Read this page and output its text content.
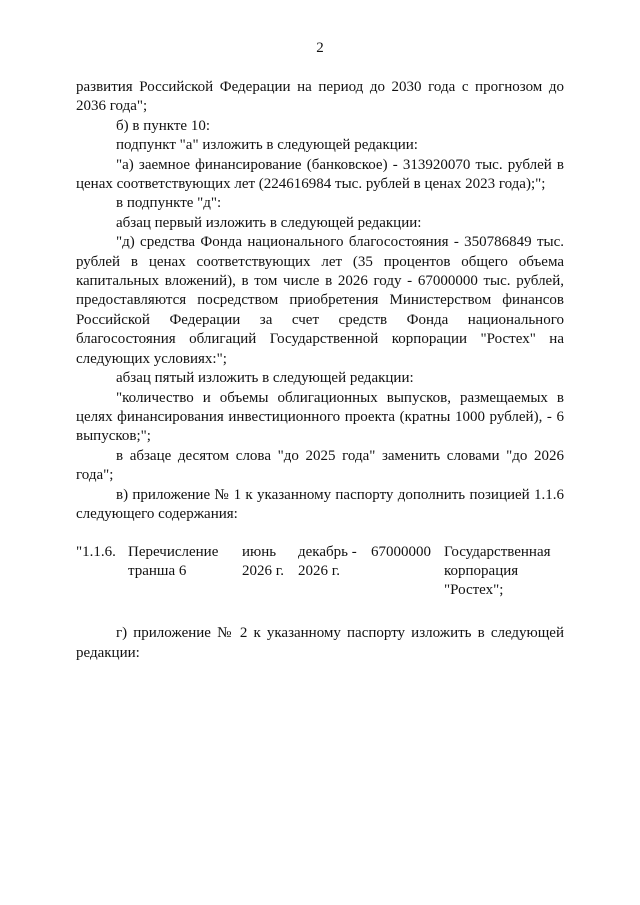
2

развития Российской Федерации на период до 2030 года с прогнозом до 2036 года";

б) в пункте 10:

подпункт "а" изложить в следующей редакции:

"а) заемное финансирование (банковское) - 313920070 тыс. рублей в ценах соответствующих лет (224616984 тыс. рублей в ценах 2023 года);";

в подпункте "д":

абзац первый изложить в следующей редакции:

"д) средства Фонда национального благосостояния - 350786849 тыс. рублей в ценах соответствующих лет (35 процентов общего объема капитальных вложений), в том числе в 2026 году - 67000000 тыс. рублей, предоставляются посредством приобретения Министерством финансов Российской Федерации за счет средств Фонда национального благосостояния облигаций Государственной корпорации "Ростех" на следующих условиях:";

абзац пятый изложить в следующей редакции:

"количество и объемы облигационных выпусков, размещаемых в целях финансирования инвестиционного проекта (кратны 1000 рублей), - 6 выпусков;";

в абзаце десятом слова "до 2025 года" заменить словами "до 2026 года";

в) приложение № 1 к указанному паспорту дополнить позицией 1.1.6 следующего содержания:

"1.1.6. Перечисление транша 6
июнь 2026 г.
декабрь - 2026 г.
67000000 Государственная корпорация "Ростех";

г) приложение № 2 к указанному паспорту изложить в следующей редакции:
